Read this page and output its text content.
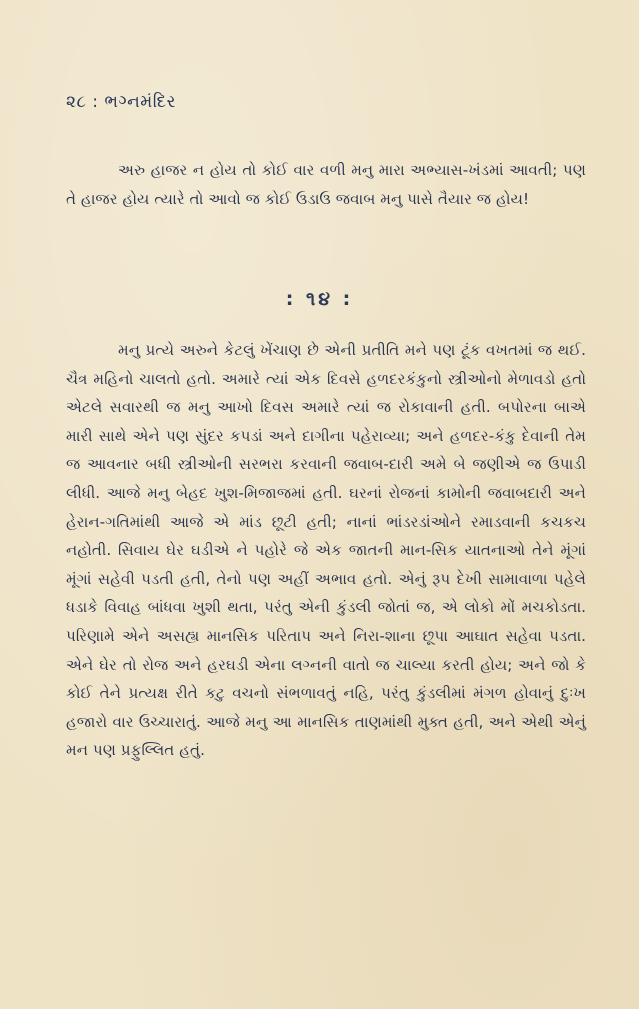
૨૮ : ભગ્નમંદિર
અરુ હાજર ન હોય તો કોઈ વાર વળી મનુ મારા અભ્યાસ-ખંડમાં આવતી; પણ તે હાજર હોય ત્યારે તો આવો જ કોઈ ઉડાઉ જવાબ મનુ પાસે તૈયાર જ હોય!
: ૧૪ :
મનુ પ્રત્યે અરુને કેટલું ખેંચાણ છે એની પ્રતીતિ મને પણ ટૂંક વખતમાં જ થઈ. ચૈત્ર મહિનો ચાલતો હતો. અમારે ત્યાં એક દિવસે હળદરકંકુનો સ્ત્રીઓનો મેળાવડો હતો એટલે સવારથી જ મનુ આખો દિવસ અમારે ત્યાં જ રોકાવાની હતી. બપોરના બાએ મારી સાથે એને પણ સુંદર કપડાં અને દાગીના પહેરાવ્યા; અને હળદર-કંકુ દેવાની તેમ જ આવનાર બધી સ્ત્રીઓની સરભરા કરવાની જવાબ-દારી અમે બે જણીએ જ ઉપાડી લીધી. આજે મનુ બેહદ ખુશ-મિજાજમાં હતી. ઘરનાં રોજનાં કામોની જવાબદારી અને હેરાન-ગતિમાંથી આજે એ માંડ છૂટી હતી; નાનાં ભાંડરડાંઓને રમાડવાની કચકચ નહોતી. સિવાય ઘેર ઘડીએ ને પહોરે જે એક જાતની માન-સિક યાતનાઓ તેને મૂંગાં મૂંગાં સહેવી પડતી હતી, તેનો પણ અહીં અભાવ હતો. એનું રૂપ દેખી સામાવાળા પહેલે ધડાકે વિવાહ બાંધવા ખુશી થતા, પરંતુ એની કુંડલી જોતાં જ, એ લોકો મોં મચકોડતા. પરિણામે એને અસહ્ય માનસિક પરિતાપ અને નિરા-શાના છૂપા આઘાત સહેવા પડતા. એને ઘેર તો રોજ અને હરઘડી એના લગ્નની વાતો જ ચાલ્યા કરતી હોય; અને જો કે કોઈ તેને પ્રત્યક્ષ રીતે કટુ વચનો સંભળાવતું નહિ, પરંતુ કુંડલીમાં મંગળ હોવાનું દુઃખ હજારો વાર ઉચ્ચારાતું. આજે મનુ આ માનસિક તાણમાંથી મુક્ત હતી, અને એથી એનું મન પણ પ્રફુલ્લિત હતું.
